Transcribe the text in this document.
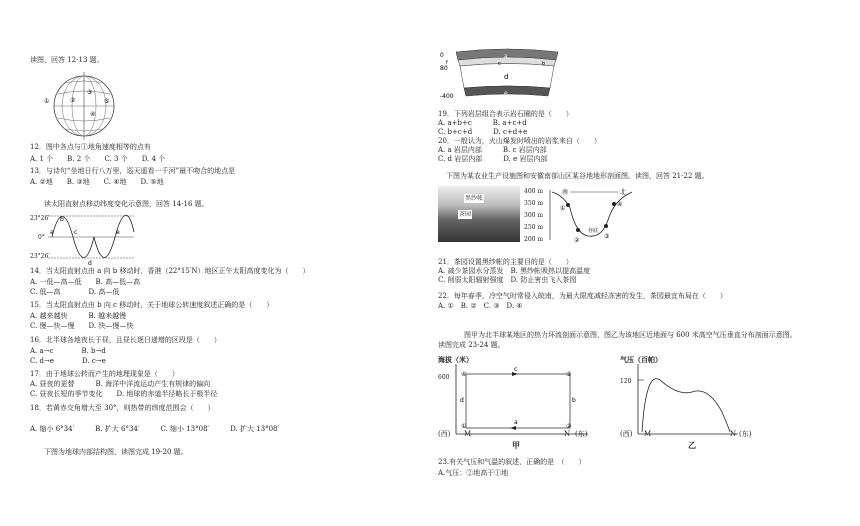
读图，回答 12-13 题。
①	②
③
④
⑤
12．图中各点与①地角速度相等的点有
A. 1 个　　B. 2 个　　C. 3 个　　D. 4 个
13．与诗句“坐地日行八万里，巡天遥看一千河”最不吻合的地点是
A. ②地　　B. ③地　　C. ④地　　D. ⑤地
读太阳直射点移动纬度变化示意图，回答 14-16 题。
23°26′
0°
23°26′
b
a	c
d
e
14．当太阳直射点由 a 向 b 移动时，香港（22°15′N）地区正午太阳高度变化为（　　）
A. 一低—高—低　　B. 高—低—高
C. 低—高　　　　D. 高—低
15．当太阳直射点由 b 向 c 移动时，关于地球公转速度叙述正确的是（　　）
A. 越来越快　　　B. 越来越慢
C. 慢—快—慢　　D. 快—慢—快
16．北半球各地夜长于昼，且昼长逐日递增的区段是（　　）
A. a→c　　　　B. b→d
C. d→e　　　　D. c→e
17．由于地球公转而产生的地理现象是（　　）
A. 昼夜的更替　　　B. 海洋中洋流运动产生有规律的偏向
C. 昼夜长短的季节变化　　D. 地球的赤道半径略长于极半径
18．若黄赤交角增大至 30°，则热带的纬度范围会（　　）
A. 缩小 6°34′　　　B. 扩大 6°34′　　　C. 缩小 13°08′　　　D. 扩大 13°08′
下图为地球内部结构图，读图完成 19-20 题。
a
b
c
d
e
0
f
80
-400
19．下列岩层组合表示岩石圈的是（　　）
A. a+b+c　　　B. a+c+d
C. b+c+d　　　D. c+d+e
20．一般认为，火山爆发时喷出的岩浆来自（　　）
A. a 岩层内部　　　B. c 岩层内部
C. d 岩层内部　　　D. e 岩层内部
下图为某农业生产设施图和安徽南部山区某谷地地形剖面图。读图，回答 21-22 题。
黑纱帐
茶园
400 m
350 m
300 m
250 m
200 m
①
②
③
④
谷底
南	北
21．茶园设置黑纱帐的主要目的是（　　）
A. 减少茶园水分蒸发　B. 黑纱帐吸热以提高温度
C. 削弱太阳辐射强度　D. 防止害虫飞入茶园
22．每年春季，冷空气时常侵入皖南，为最大限度减轻冻害的发生，茶园最宜布局在（　　）
A. ①　B. ②　C. ③　D. ④
图甲为北半球某地区的热力环流剖面示意图，图乙为该地区近地面与 600 米高空气压垂直分布剖面示意图。
读图完成 23-24 题。
海拔（米）
600 ④	③
①	②
c
a
b
d
(西) M	N (东)
甲
气压（百帕）
120
(西) M	N (东)
乙
23.有关气压和气温的叙述，正确的是　（　　）
A.气压：②地高于①地
